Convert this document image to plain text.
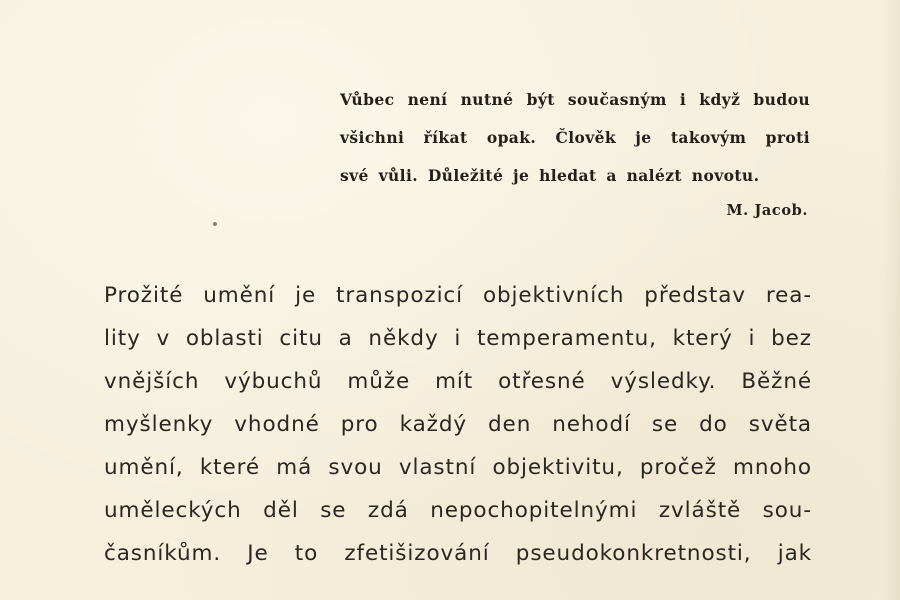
Vůbec není nutné být současným i když budou
všichni říkat opak. Člověk je takovým proti
své vůli. Důležité je hledat a nalézt novotu.
M. Jacob.
Prožité umění je transpozicí objektivních představ rea-
lity v oblasti citu a někdy i temperamentu, který i bez
vnějších výbuchů může mít otřesné výsledky. Běžné
myšlenky vhodné pro každý den nehodí se do světa
umění, které má svou vlastní objektivitu, pročež mnoho
uměleckých děl se zdá nepochopitelnými zvláště sou-
časníkům. Je to zfetišizování pseudokonkretnosti, jak
